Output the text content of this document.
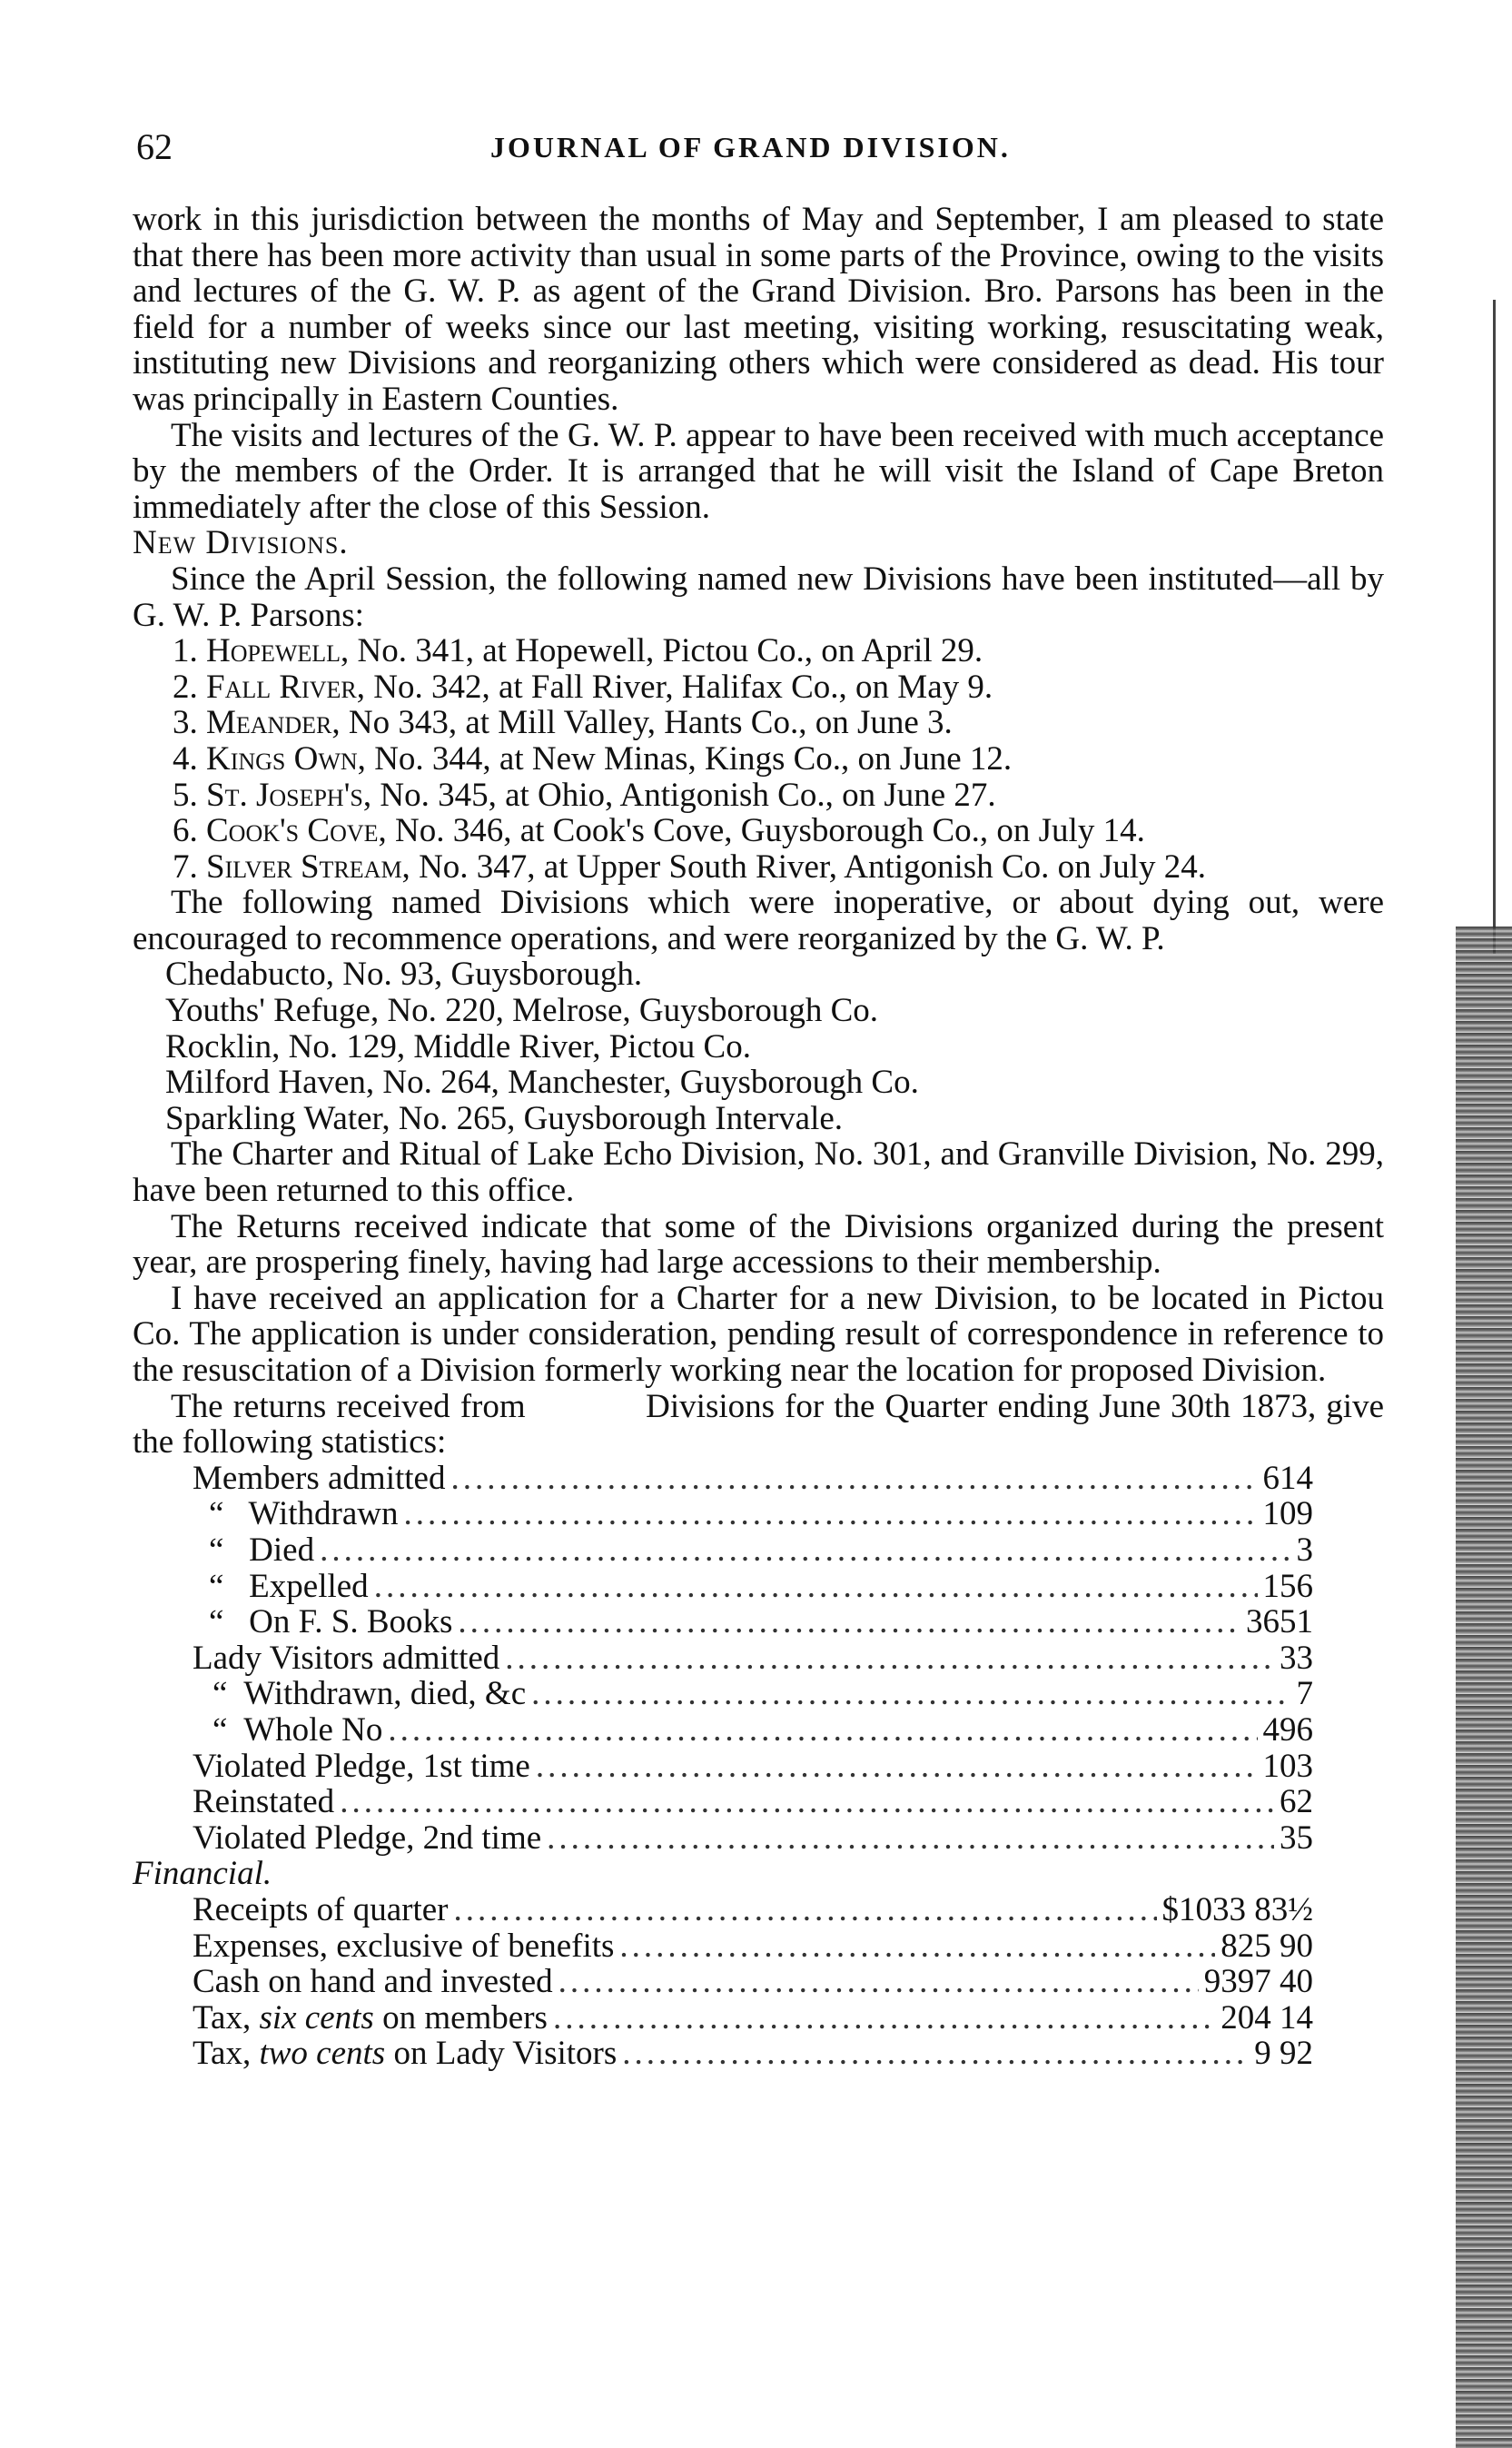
62	JOURNAL OF GRAND DIVISION.

work in this jurisdiction between the months of May and September, I am pleased to state that there has been more activity than usual in some parts of the Province, owing to the visits and lectures of the G. W. P. as agent of the Grand Division. Bro. Parsons has been in the field for a number of weeks since our last meeting, visiting working, resuscitating weak, instituting new Divisions and reorganizing others which were considered as dead. His tour was principally in Eastern Counties.

The visits and lectures of the G. W. P. appear to have been received with much acceptance by the members of the Order. It is arranged that he will visit the Island of Cape Breton immediately after the close of this Session.

New Divisions.

Since the April Session, the following named new Divisions have been instituted—all by G. W. P. Parsons:

1. Hopewell, No. 341, at Hopewell, Pictou Co., on April 29.

2. Fall River, No. 342, at Fall River, Halifax Co., on May 9.

3. Meander, No 343, at Mill Valley, Hants Co., on June 3.

4. Kings Own, No. 344, at New Minas, Kings Co., on June 12.

5. St. Joseph's, No. 345, at Ohio, Antigonish Co., on June 27.

6. Cook's Cove, No. 346, at Cook's Cove, Guysborough Co., on July 14.

7. Silver Stream, No. 347, at Upper South River, Antigonish Co. on July 24.

The following named Divisions which were inoperative, or about dying out, were encouraged to recommence operations, and were reorganized by the G. W. P.

Chedabucto, No. 93, Guysborough.

Youths' Refuge, No. 220, Melrose, Guysborough Co.

Rocklin, No. 129, Middle River, Pictou Co.

Milford Haven, No. 264, Manchester, Guysborough Co.

Sparkling Water, No. 265, Guysborough Intervale.

The Charter and Ritual of Lake Echo Division, No. 301, and Granville Division, No. 299, have been returned to this office.

The Returns received indicate that some of the Divisions organized during the present year, are prospering finely, having had large accessions to their membership.

I have received an application for a Charter for a new Division, to be located in Pictou Co. The application is under consideration, pending result of correspondence in reference to the resuscitation of a Division formerly working near the location for proposed Division.

The returns received from            Divisions for the Quarter ending June 30th 1873, give the following statistics:

Members admitted .....	614
“   Withdrawn .....	109
“   Died .....	3
“   Expelled .....	156
“   On F. S. Books .....	3651
Lady Visitors admitted .....	33
“  Withdrawn, died, &c .....	7
“  Whole No .....	496
Violated Pledge, 1st time .....	103
Reinstated .....	62
Violated Pledge, 2nd time .....	35

Financial.

Receipts of quarter .....	$1033 83½
Expenses, exclusive of benefits .....	825 90
Cash on hand and invested .....	9397 40
Tax, six cents on members .....	204 14
Tax, two cents on Lady Visitors .....	9 92
